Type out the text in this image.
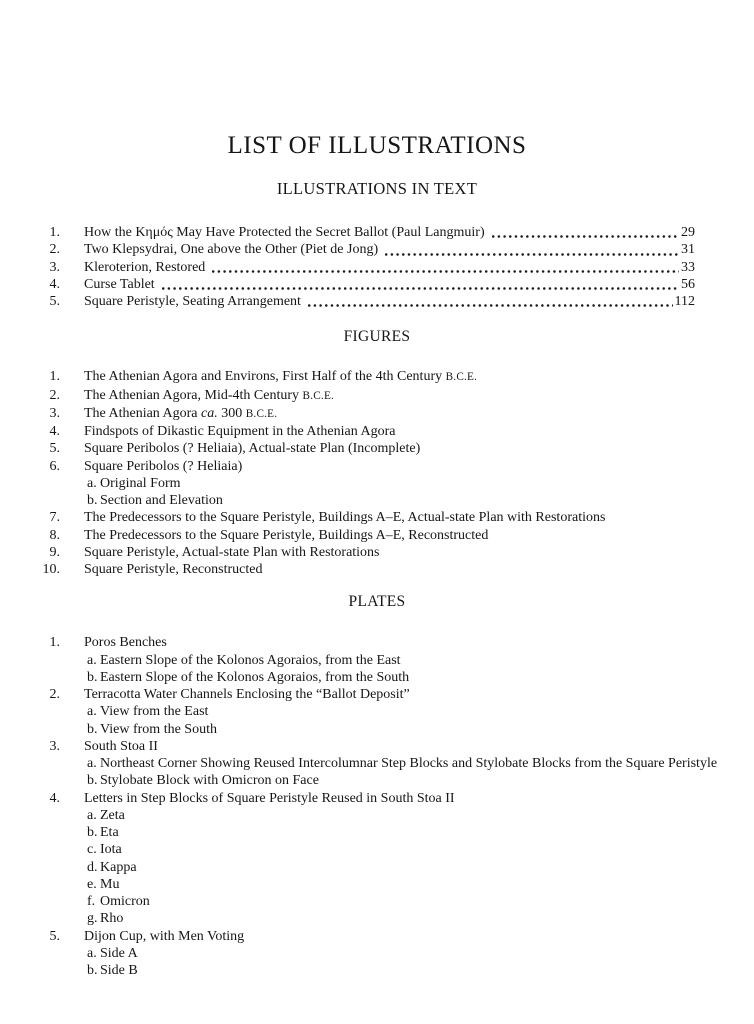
LIST OF ILLUSTRATIONS
ILLUSTRATIONS IN TEXT
1. How the Κημός May Have Protected the Secret Ballot (Paul Langmuir)	29
2. Two Klepsydrai, One above the Other (Piet de Jong)	31
3. Kleroterion, Restored	33
4. Curse Tablet	56
5. Square Peristyle, Seating Arrangement	112
FIGURES
1. The Athenian Agora and Environs, First Half of the 4th Century B.C.E.
2. The Athenian Agora, Mid-4th Century B.C.E.
3. The Athenian Agora ca. 300 B.C.E.
4. Findspots of Dikastic Equipment in the Athenian Agora
5. Square Peribolos (? Heliaia), Actual-state Plan (Incomplete)
6. Square Peribolos (? Heliaia)
a. Original Form
b. Section and Elevation
7. The Predecessors to the Square Peristyle, Buildings A–E, Actual-state Plan with Restorations
8. The Predecessors to the Square Peristyle, Buildings A–E, Reconstructed
9. Square Peristyle, Actual-state Plan with Restorations
10. Square Peristyle, Reconstructed
PLATES
1. Poros Benches
a. Eastern Slope of the Kolonos Agoraios, from the East
b. Eastern Slope of the Kolonos Agoraios, from the South
2. Terracotta Water Channels Enclosing the “Ballot Deposit”
a. View from the East
b. View from the South
3. South Stoa II
a. Northeast Corner Showing Reused Intercolumnar Step Blocks and Stylobate Blocks from the Square Peristyle
b. Stylobate Block with Omicron on Face
4. Letters in Step Blocks of Square Peristyle Reused in South Stoa II
a. Zeta
b. Eta
c. Iota
d. Kappa
e. Mu
f. Omicron
g. Rho
5. Dijon Cup, with Men Voting
a. Side A
b. Side B
